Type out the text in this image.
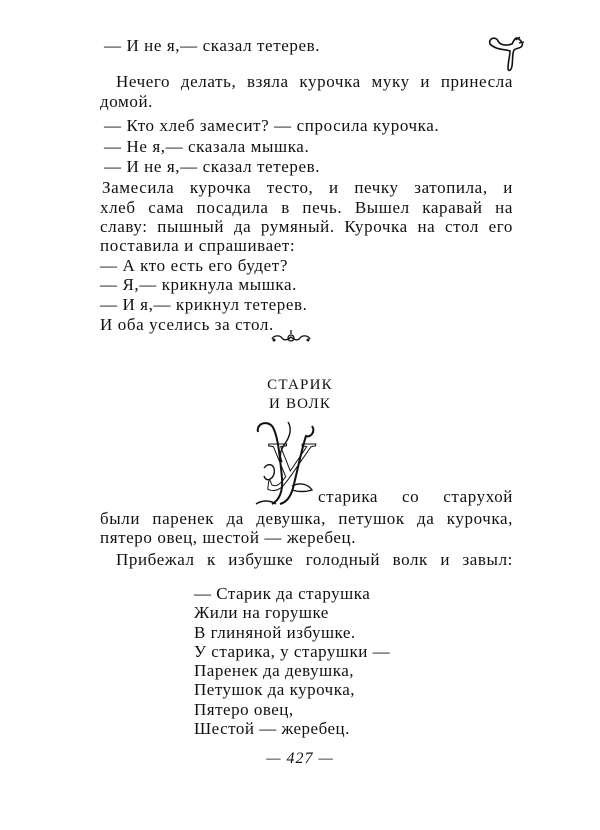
— И не я,— сказал тетерев.
Нечего делать, взяла курочка муку и принесла
домой.
— Кто хлеб замесит? — спросила курочка.
— Не я,— сказала мышка.
— И не я,— сказал тетерев.
Замесила курочка тесто, и печку затопила, и
хлеб сама посадила в печь. Вышел каравай на
славу: пышный да румяный. Курочка на стол его
поставила и спрашивает:
— А кто есть его будет?
— Я,— крикнула мышка.
— И я,— крикнул тетерев.
И оба уселись за стол.
СТАРИК
И ВОЛК
У старика со старухой
были паренек да девушка, петушок да курочка,
пятеро овец, шестой — жеребец.
Прибежал к избушке голодный волк и завыл:
— Старик да старушка
Жили на горушке
В глиняной избушке.
У старика, у старушки —
Паренек да девушка,
Петушок да курочка,
Пятеро овец,
Шестой — жеребец.
— 427 —
